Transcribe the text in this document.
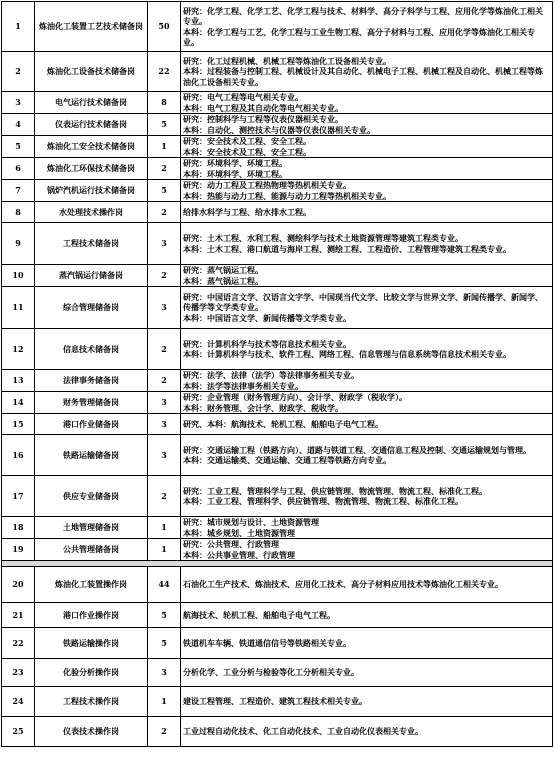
1	炼油化工装置工艺技术储备岗	50	研究：化学工程、化学工艺、化学工程与技术、材料学、高分子科学与工程、应用化学等炼油化工相关专业。
本科：化学工程与工艺、化学工程与工业生物工程、高分子材料与工程、应用化学等炼油化工相关专业。

2	炼油化工设备技术储备岗	22	研究：化工过程机械、机械工程等炼油化工设备相关专业。
本科：过程装备与控制工程、机械设计及其自动化、机械电子工程、机械工程及自动化、机械工程等炼油化工设备相关专业。

3	电气运行技术储备岗	8	研究：电气工程等电气相关专业。
本科：电气工程及其自动化等电气相关专业。

4	仪表运行技术储备岗	5	研究：控制科学与工程等仪表仪器相关专业。
本科：自动化、测控技术与仪器等仪表仪器相关专业。

5	炼油化工安全技术储备岗	1	研究：安全技术及工程、安全工程。
本科：安全技术及工程、安全工程。

6	炼油化工环保技术储备岗	2	研究：环境科学、环境工程。
本科：环境科学、环境工程。

7	锅炉汽机运行技术储备岗	5	研究：动力工程及工程热物理等热机相关专业。
本科：热能与动力工程、能源与动力工程等热机相关专业。

8	水处理技术操作岗	2	给排水科学与工程、给水排水工程。

9	工程技术储备岗	3	研究：土木工程、水利工程、测绘科学与技术土地资源管理等建筑工程类专业。
本科：土木工程、港口航道与海岸工程、测绘工程、工程造价、工程管理等建筑工程类专业。

10	蒸汽锅运行储备岗	2	研究：蒸气锅运工程。
本科：蒸气锅运工程。

11	综合管理储备岗	3	研究：中国语言文学、汉语言文字学、中国现当代文学、比较文学与世界文学、新闻传播学、新闻学、传播学等文学类专业。
本科：中国语言文学、新闻传播等文学类专业。

12	信息技术储备岗	2	研究：计算机科学与技术等信息技术相关专业。
本科：计算机科学与技术、软件工程、网络工程、信息管理与信息系统等信息技术相关专业。

13	法律事务储备岗	2	研究：法学、法律（法学）等法律事务相关专业。
本科：法学等法律事务相关专业。

14	财务管理储备岗	3	研究：企业管理（财务管理方向）、会计学、财政学（税收学）。
本科：财务管理、会计学、财政学、税收学。

15	港口作业储备岗	3	研究、本科：航海技术、轮机工程、船舶电子电气工程。

16	铁路运输储备岗	3	研究：交通运输工程（铁路方向）、道路与铁道工程、交通信息工程及控制、交通运输规划与管理。
本科：交通运输类、交通运输、交通工程等铁路方向专业。

17	供应专业储备岗	2	研究：工业工程、管理科学与工程、供应链管理、物流管理、物流工程、标准化工程。
本科：工业工程、管理科学、供应链管理、物流管理、物流工程、标准化工程。

18	土地管理储备岗	1	研究：城市规划与设计、土地资源管理
本科：城乡规划、土地资源管理

19	公共管理储备岗	1	研究：公共管理、行政管理
本科：公共事业管理、行政管理

20	炼油化工装置操作岗	44	石油化工生产技术、炼油技术、应用化工技术、高分子材料应用技术等炼油化工相关专业。

21	港口作业操作岗	5	航海技术、轮机工程、船舶电子电气工程。

22	铁路运输操作岗	5	铁道机车车辆、铁道通信信号等铁路相关专业。

23	化验分析操作岗	3	分析化学、工业分析与检验等化工分析相关专业。

24	工程技术操作岗	1	建设工程管理、工程造价、建筑工程技术相关专业。

25	仪表技术操作岗	2	工业过程自动化技术、化工自动化技术、工业自动化仪表相关专业。
